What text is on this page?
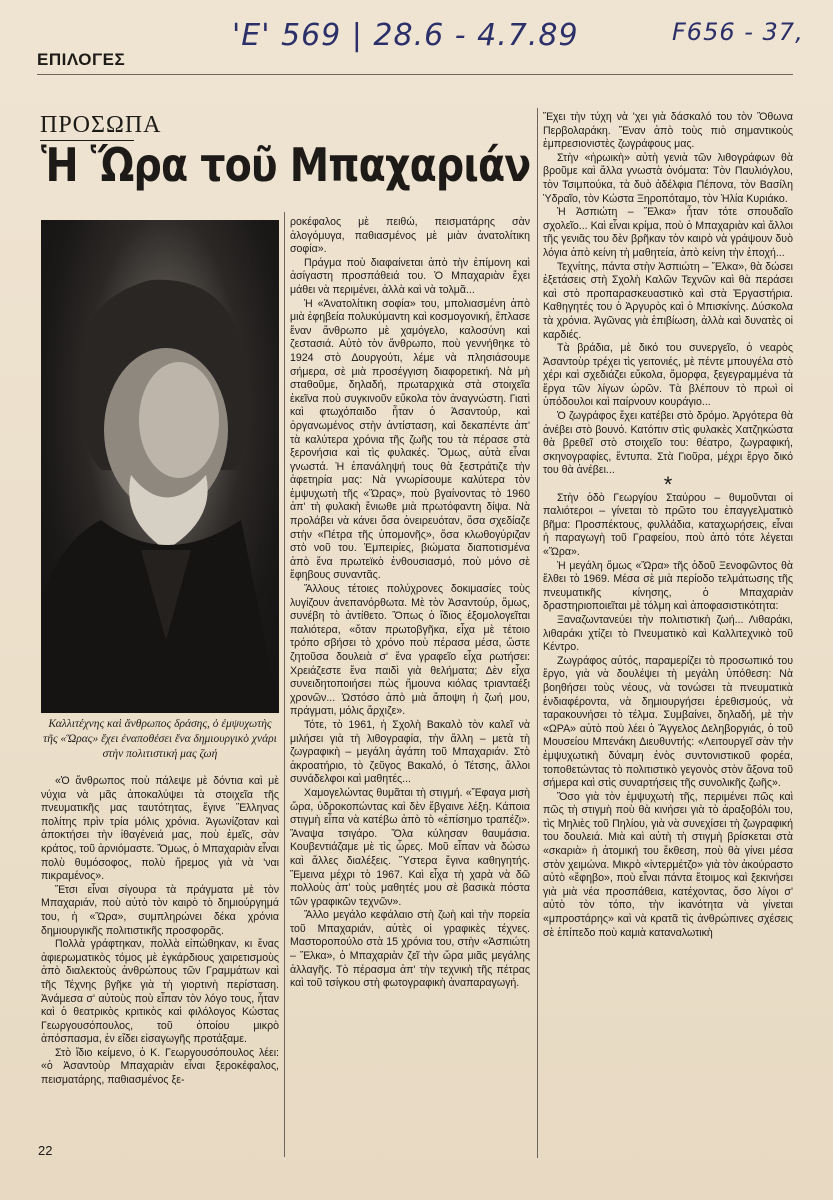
'Ε' 569 | 28.6 - 4.7.89	F656 - 37,
ΕΠΙΛΟΓΕΣ
ΠΡΟΣΩΠΑ
Ἡ Ὥρα τοῦ Μπαχαριάν
Καλλιτέχνης καὶ ἄνθρωπος δράσης, ὁ ἐμψυχωτὴς τῆς «Ὥρας» ἔχει ἐναποθέσει ἕνα δημιουργικὸ χνάρι στὴν πολιτιστική μας ζωή

«Ὁ ἄνθρωπος ποὺ πάλεψε μὲ δόντια καὶ μὲ νύχια νὰ μᾶς ἀποκαλύψει τὰ στοιχεῖα τῆς πνευματικῆς μας ταυτότητας, ἔγινε Ἕλληνας πολίτης πρὶν τρία μόλις χρόνια. Ἀγωνίζοταν καὶ ἀποκτήσει τὴν ἰθαγένειά μας, ποὺ ἐμεῖς, σὰν κράτος, τοῦ ἀρνιόμαστε. Ὅμως, ὁ Μπαχαριὰν εἶναι πολὺ θυμόσοφος, πολὺ ἤρεμος γιὰ νὰ 'ναι πικραμένος».

Ἔτσι εἶναι σίγουρα τὰ πράγματα μὲ τὸν Μπαχαριάν, ποὺ αὐτὸ τὸν καιρὸ τὸ δημιούργημά του, ἡ «Ὥρα», συμπληρώνει δέκα χρόνια δημιουργικῆς πολιτιστικῆς προσφορᾶς.

Πολλὰ γράφτηκαν, πολλὰ εἰπώθηκαν, κι ἕνας ἀφιερωματικὸς τόμος μὲ ἐγκάρδιους χαιρετισμοὺς ἀπὸ διαλεκτοὺς ἀνθρώπους τῶν Γραμμάτων καὶ τῆς Τέχνης βγῆκε γιὰ τὴ γιορτινὴ περίσταση. Ἀνάμεσα σ' αὐτοὺς ποὺ εἶπαν τὸν λόγο τους, ἦταν καὶ ὁ θεατρικὸς κριτικὸς καὶ φιλόλογος Κώστας Γεωργουσόπουλος, τοῦ ὁποίου μικρὸ ἀπόσπασμα, ἐν εἴδει εἰσαγωγῆς προτάξαμε.

Στὸ ἴδιο κείμενο, ὁ Κ. Γεωργουσόπουλος λέει: «ὁ Ἀσαντοὺρ Μπαχαριὰν εἶναι ξεροκέφαλος, πεισματάρης, παθιασμένος ξε-

ροκέφαλος μὲ πειθώ, πεισματάρης σὰν ἀλογόμυγα, παθιασμένος μὲ μιὰν ἀνατολίτικη σοφία».

Πράγμα ποὺ διαφαίνεται ἀπὸ τὴν ἐπίμονη καὶ ἀσίγαστη προσπάθειά του. Ὁ Μπαχαριὰν ἔχει μάθει νὰ περιμένει, ἀλλὰ καὶ νὰ τολμᾶ...

Ἡ «Ἀνατολίτικη σοφία» του, μπολιασμένη ἀπὸ μιὰ ἐφηβεία πολυκύμαντη καὶ κοσμογονική, ἔπλασε ἕναν ἄνθρωπο μὲ χαμόγελο, καλοσύνη καὶ ζεστασιά. Αὐτὸ τὸν ἄνθρωπο, ποὺ γεννήθηκε τὸ 1924 στὸ Δουργούτι, λέμε νὰ πλησιάσουμε σήμερα, σὲ μιὰ προσέγγιση διαφορετική. Νὰ μὴ σταθοῦμε, δηλαδή, πρωταρχικὰ στὰ στοιχεῖα ἐκεῖνα ποὺ συγκινοῦν εὔκολα τὸν ἀναγνώστη. Γιατὶ καὶ φτωχόπαιδο ἦταν ὁ Ἀσαντούρ, καὶ ὀργανωμένος στὴν ἀντίσταση, καὶ δεκαπέντε ἀπ' τὰ καλύτερα χρόνια τῆς ζωῆς του τὰ πέρασε στὰ ξερονήσια καὶ τὶς φυλακές. Ὅμως, αὐτὰ εἶναι γνωστά. Ἡ ἐπανάληψή τους θὰ ξεστράτιζε τὴν ἀφετηρία μας: Νὰ γνωρίσουμε καλύτερα τὸν ἐμψυχωτὴ τῆς «Ὥρας», ποὺ βγαίνοντας τὸ 1960 ἀπ' τὴ φυλακὴ ἔνιωθε μιὰ πρωτόφαντη δίψα. Νὰ προλάβει νὰ κάνει ὅσα ὀνειρευόταν, ὅσα σχεδίαζε στὴν «Πέτρα τῆς ὑπομονῆς», ὅσα κλωθογύριζαν στὸ νοῦ του. Ἐμπειρίες, βιώματα διαποτισμένα ἀπὸ ἕνα πρωτεϊκὸ ἐνθουσιασμό, ποὺ μόνο σὲ ἔφηβους συναντᾶς.

Ἄλλους τέτοιες πολύχρονες δοκιμασίες τοὺς λυγίζουν ἀνεπανόρθωτα. Μὲ τὸν Ἀσαντούρ, ὅμως, συνέβη τὸ ἀντίθετο. Ὅπως ὁ ἴδιος ἐξομολογεῖται παλιότερα, «ὅταν πρωτοβγῆκα, εἶχα μὲ τέτοιο τρόπο σβήσει τὸ χρόνο ποὺ πέρασα μέσα, ὥστε ζητοῦσα δουλειὰ σ' ἕνα γραφεῖο εἶχα ρωτήσει: Χρειάζεστε ἕνα παιδὶ γιὰ θελήματα; Δὲν εἶχα συνειδητοποιήσει πὼς ἤμουνα κιόλας τριανταέξι χρονῶν... Ὡστόσο ἀπὸ μιὰ ἄποψη ἡ ζωή μου, πράγματι, μόλις ἄρχιζε».

Τότε, τὸ 1961, ἡ Σχολὴ Βακαλὸ τὸν καλεῖ νὰ μιλήσει γιὰ τὴ λιθογραφία, τὴν ἄλλη – μετὰ τὴ ζωγραφικὴ – μεγάλη ἀγάπη τοῦ Μπαχαριάν. Στὸ ἀκροατήριο, τὸ ζεῦγος Βακαλό, ὁ Τέτσης, ἄλλοι συνάδελφοι καὶ μαθητές...

Χαμογελώντας θυμᾶται τὴ στιγμή. «Ἔφαγα μισὴ ὥρα, ὑδροκοπώντας καὶ δὲν ἔβγαινε λέξη. Κάποια στιγμὴ εἶπα νὰ κατέβω ἀπὸ τὸ «ἐπίσημο τραπέζι». Ἄναψα τσιγάρο. Ὅλα κύλησαν θαυμάσια. Κουβεντιάζαμε μὲ τὶς ὧρες. Μοῦ εἶπαν νὰ δώσω καὶ ἄλλες διαλέξεις. Ὕστερα ἔγινα καθηγητής. Ἔμεινα μέχρι τὸ 1967. Καὶ εἶχα τὴ χαρὰ νὰ δῶ πολλοὺς ἀπ' τοὺς μαθητές μου σὲ βασικὰ πόστα τῶν γραφικῶν τεχνῶν».

Ἄλλο μεγάλο κεφάλαιο στὴ ζωὴ καὶ τὴν πορεία τοῦ Μπαχαριάν, αὐτὲς οἱ γραφικὲς τέχνες. Μαστοροπούλο στὰ 15 χρόνια του, στὴν «Ἀσπιώτη – Ἔλκα», ὁ Μπαχαριὰν ζεῖ τὴν ὥρα μιᾶς μεγάλης ἀλλαγῆς. Τὸ πέρασμα ἀπ' τὴν τεχνικὴ τῆς πέτρας καὶ τοῦ τσίγκου στὴ φωτογραφικὴ ἀναπαραγωγή.

Ἔχει τὴν τύχη νὰ 'χει γιὰ δάσκαλό του τὸν Ὄθωνα Περβολαράκη. Ἕναν ἀπὸ τοὺς πιὸ σημαντικοὺς ἐμπρεσιονιστὲς ζωγράφους μας.

Στὴν «ἡρωικὴ» αὐτὴ γενιὰ τῶν λιθογράφων θὰ βροῦμε καὶ ἄλλα γνωστὰ ὀνόματα: Τὸν Παυλιόγλου, τὸν Τσιμπούκα, τὰ δυὸ ἀδέλφια Πέπονα, τὸν Βασίλη Ὑδραῖο, τὸν Κώστα Ξηροπόταμο, τὸν Ἠλία Κυριάκο.

Ἡ Ἀσπιώτη – Ἔλκα» ἦταν τότε σπουδαῖο σχολεῖο... Καὶ εἶναι κρίμα, ποὺ ὁ Μπαχαριὰν καὶ ἄλλοι τῆς γενιᾶς του δὲν βρῆκαν τὸν καιρὸ νὰ γράψουν δυὸ λόγια ἀπὸ κείνη τὴ μαθητεία, ἀπὸ κείνη τὴν ἐποχή...

Τεχνίτης, πάντα στὴν Ἀσπιώτη – Ἔλκα», θὰ δώσει ἐξετάσεις στὴ Σχολὴ Καλῶν Τεχνῶν καὶ θὰ περάσει καὶ στὸ προπαρασκευαστικὸ καὶ στὰ Ἐργαστήρια. Καθηγητές του ὁ Ἀργυρὸς καὶ ὁ Μπισκίνης. Δύσκολα τὰ χρόνια. Ἀγῶνας γιὰ ἐπιβίωση, ἀλλὰ καὶ δυνατὲς οἱ καρδιές.

Τὰ βράδια, μὲ δικό του συνεργεῖο, ὁ νεαρὸς Ἀσαντοὺρ τρέχει τὶς γειτονιές, μὲ πέντε μπουγέλα στὸ χέρι καὶ σχεδιάζει εὔκολα, ὄμορφα, ξεγεγραμμένα τὰ ἔργα τῶν λίγων ὡρῶν. Τὰ βλέπουν τὸ πρωὶ οἱ ὑπόδουλοι καὶ παίρνουν κουράγιο...

Ὁ ζωγράφος ἔχει κατέβει στὸ δρόμο. Ἀργότερα θὰ ἀνέβει στὸ βουνό. Κατόπιν στὶς φυλακὲς Χατζηκώστα θὰ βρεθεῖ στὸ στοιχεῖο του: θέατρο, ζωγραφική, σκηνογραφίες, ἔντυπα. Στὰ Γιοῦρα, μέχρι ἔργο δικό του θὰ ἀνέβει...

*

Στὴν ὁδὸ Γεωργίου Σταύρου – θυμοῦνται οἱ παλιότεροι – γίνεται τὸ πρῶτο του ἐπαγγελματικὸ βῆμα: Προσπέκτους, φυλλάδια, καταχωρήσεις, εἶναι ἡ παραγωγὴ τοῦ Γραφείου, ποὺ ἀπὸ τότε λέγεται «Ὥρα».

Ἡ μεγάλη ὅμως «Ὥρα» τῆς ὁδοῦ Ξενοφῶντος θὰ ἔλθει τὸ 1969. Μέσα σὲ μιὰ περίοδο τελμάτωσης τῆς πνευματικῆς κίνησης, ὁ Μπαχαριὰν δραστηριοποιεῖται μὲ τόλμη καὶ ἀποφασιστικότητα:

Ξαναζωντανεύει τὴν πολιτιστικὴ ζωή... Λιθαράκι, λιθαράκι χτίζει τὸ Πνευματικὸ καὶ Καλλιτεχνικὸ τοῦ Κέντρο.

Ζωγράφος αὐτός, παραμερίζει τὸ προσωπικό του ἔργο, γιὰ νὰ δουλέψει τὴ μεγάλη ὑπόθεση: Νὰ βοηθήσει τοὺς νέους, νὰ τονώσει τὰ πνευματικὰ ἐνδιαφέροντα, νὰ δημιουργήσει ἐρεθισμούς, νὰ ταρακουνήσει τὸ τέλμα. Συμβαίνει, δηλαδή, μὲ τὴν «ΩΡΑ» αὐτὸ ποὺ λέει ὁ Ἄγγελος Δεληβοργιάς, ὁ τοῦ Μουσείου Μπενάκη Διευθυντής: «Λειτουργεῖ σὰν τὴν ἐμψυχωτικὴ δύναμη ἑνὸς συντονιστικοῦ φορέα, τοποθετώντας τὸ πολιτιστικὸ γεγονὸς στὸν ἄξονα τοῦ σήμερα καὶ στὶς συναρτήσεις τῆς συνολικῆς ζωῆς».

Ὅσο γιὰ τὸν ἐμψυχωτὴ τῆς, περιμένει πῶς καὶ πῶς τὴ στιγμὴ ποὺ θὰ κινήσει γιὰ τὸ ἀραξοβόλι του, τὶς Μηλιὲς τοῦ Πηλίου, γιὰ νὰ συνεχίσει τὴ ζωγραφική του δουλειά. Μιὰ καὶ αὐτὴ τὴ στιγμὴ βρίσκεται στὰ «σκαριὰ» ἡ ἀτομική του ἔκθεση, ποὺ θὰ γίνει μέσα στὸν χειμώνα. Μικρὸ «ἰντερμέτζο» γιὰ τὸν ἀκούραστο αὐτὸ «ἔφηβο», ποὺ εἶναι πάντα ἕτοιμος καὶ ξεκινήσει γιὰ μιὰ νέα προσπάθεια, κατέχοντας, ὅσο λίγοι σ' αὐτὸ τὸν τόπο, τὴν ἱκανότητα νὰ γίνεται «μπροστάρης» καὶ νὰ κρατᾶ τὶς ἀνθρώπινες σχέσεις σὲ ἐπίπεδο ποὺ καμιὰ καταναλωτικὴ

22
